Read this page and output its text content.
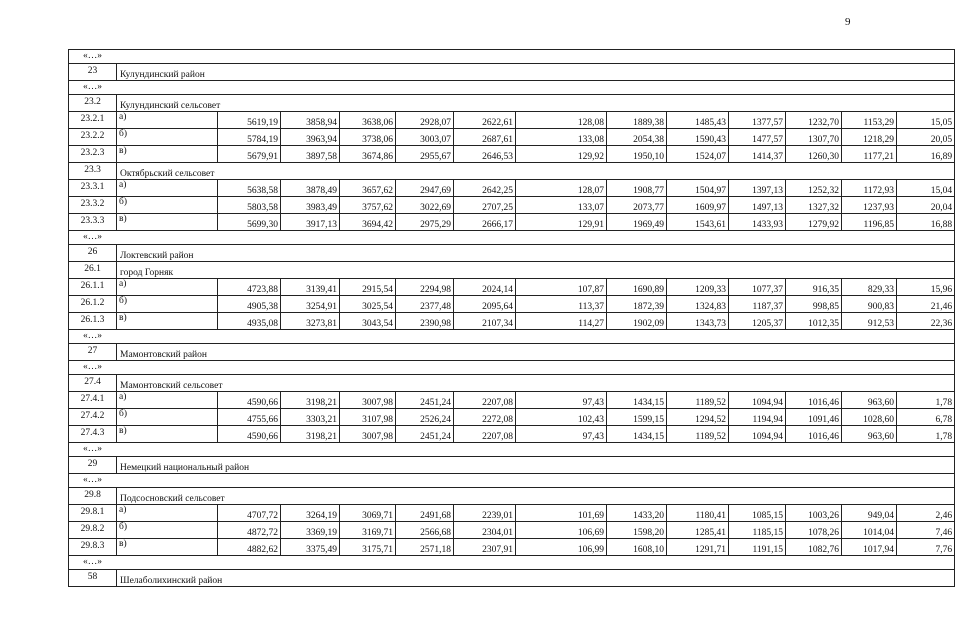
9
«…»													
23	Кулундинский район												
«…»													
23.2	Кулундинский сельсовет												
23.2.1	а)	5619,19	3858,94	3638,06	2928,07	2622,61	128,08	1889,38	1485,43	1377,57	1232,70	1153,29	15,05
23.2.2	б)	5784,19	3963,94	3738,06	3003,07	2687,61	133,08	2054,38	1590,43	1477,57	1307,70	1218,29	20,05
23.2.3	в)	5679,91	3897,58	3674,86	2955,67	2646,53	129,92	1950,10	1524,07	1414,37	1260,30	1177,21	16,89
23.3	Октябрьский сельсовет												
23.3.1	а)	5638,58	3878,49	3657,62	2947,69	2642,25	128,07	1908,77	1504,97	1397,13	1252,32	1172,93	15,04
23.3.2	б)	5803,58	3983,49	3757,62	3022,69	2707,25	133,07	2073,77	1609,97	1497,13	1327,32	1237,93	20,04
23.3.3	в)	5699,30	3917,13	3694,42	2975,29	2666,17	129,91	1969,49	1543,61	1433,93	1279,92	1196,85	16,88
«…»													
26	Локтевский район												
26.1	город Горняк												
26.1.1	а)	4723,88	3139,41	2915,54	2294,98	2024,14	107,87	1690,89	1209,33	1077,37	916,35	829,33	15,96
26.1.2	б)	4905,38	3254,91	3025,54	2377,48	2095,64	113,37	1872,39	1324,83	1187,37	998,85	900,83	21,46
26.1.3	в)	4935,08	3273,81	3043,54	2390,98	2107,34	114,27	1902,09	1343,73	1205,37	1012,35	912,53	22,36
«…»													
27	Мамонтовский район												
«…»													
27.4	Мамонтовский сельсовет												
27.4.1	а)	4590,66	3198,21	3007,98	2451,24	2207,08	97,43	1434,15	1189,52	1094,94	1016,46	963,60	1,78
27.4.2	б)	4755,66	3303,21	3107,98	2526,24	2272,08	102,43	1599,15	1294,52	1194,94	1091,46	1028,60	6,78
27.4.3	в)	4590,66	3198,21	3007,98	2451,24	2207,08	97,43	1434,15	1189,52	1094,94	1016,46	963,60	1,78
«…»													
29	Немецкий национальный район												
«…»													
29.8	Подсосновский сельсовет												
29.8.1	а)	4707,72	3264,19	3069,71	2491,68	2239,01	101,69	1433,20	1180,41	1085,15	1003,26	949,04	2,46
29.8.2	б)	4872,72	3369,19	3169,71	2566,68	2304,01	106,69	1598,20	1285,41	1185,15	1078,26	1014,04	7,46
29.8.3	в)	4882,62	3375,49	3175,71	2571,18	2307,91	106,99	1608,10	1291,71	1191,15	1082,76	1017,94	7,76
«…»													
58	Шелаболихинский район												
